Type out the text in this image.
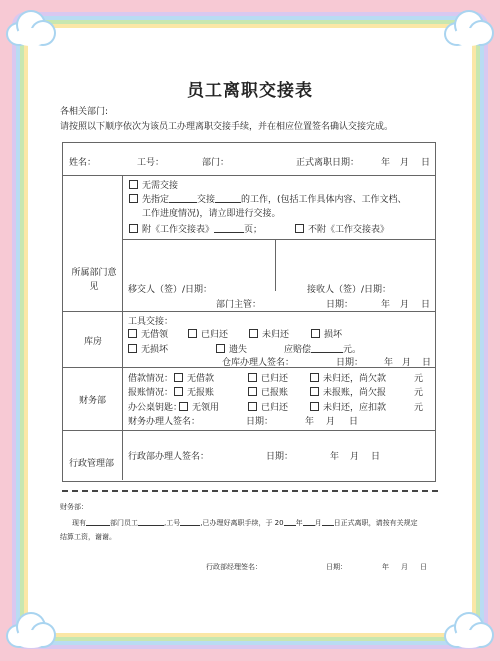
员工离职交接表
各相关部门:
请按照以下顺序依次为该员工办理离职交接手续，并在相应位置签名确认交接完成。
姓名：	工号：	部门：	正式离职日期： 年 月 日
所属部门意见
无需交接
先指定	交接	的工作，(包括工作具体内容、工作文档、
工作进度情况)，请立即进行交接。
附《工作交接表》	页；	不附《工作交接表》
移交人（签）/日期：	接收人（签）/日期：
部门主管：	日期：	年 月 日
库房
工具交接：
无借领	已归还	未归还	损坏
无损坏	遗失	应赔偿	元。
仓库办理人签名：	日期： 年 月 日
财务部
借款情况：	无借款	已归还	未归还，尚欠款	元
报账情况：	无报账	已报账	未报账，尚欠报	元
办公桌钥匙：	无领用	已归还	未归还，应扣款	元
财务办理人签名：	日期：	年 月 日
行政管理部
行政部办理人签名：	日期：	年 月 日
财务部：
现有	部门员工	,工号	,已办理好离职手续，于 20 年 月 日正式离职，请按有关规定
结算工资，谢谢。
行政部经理签名：	日期：	年 月 日
